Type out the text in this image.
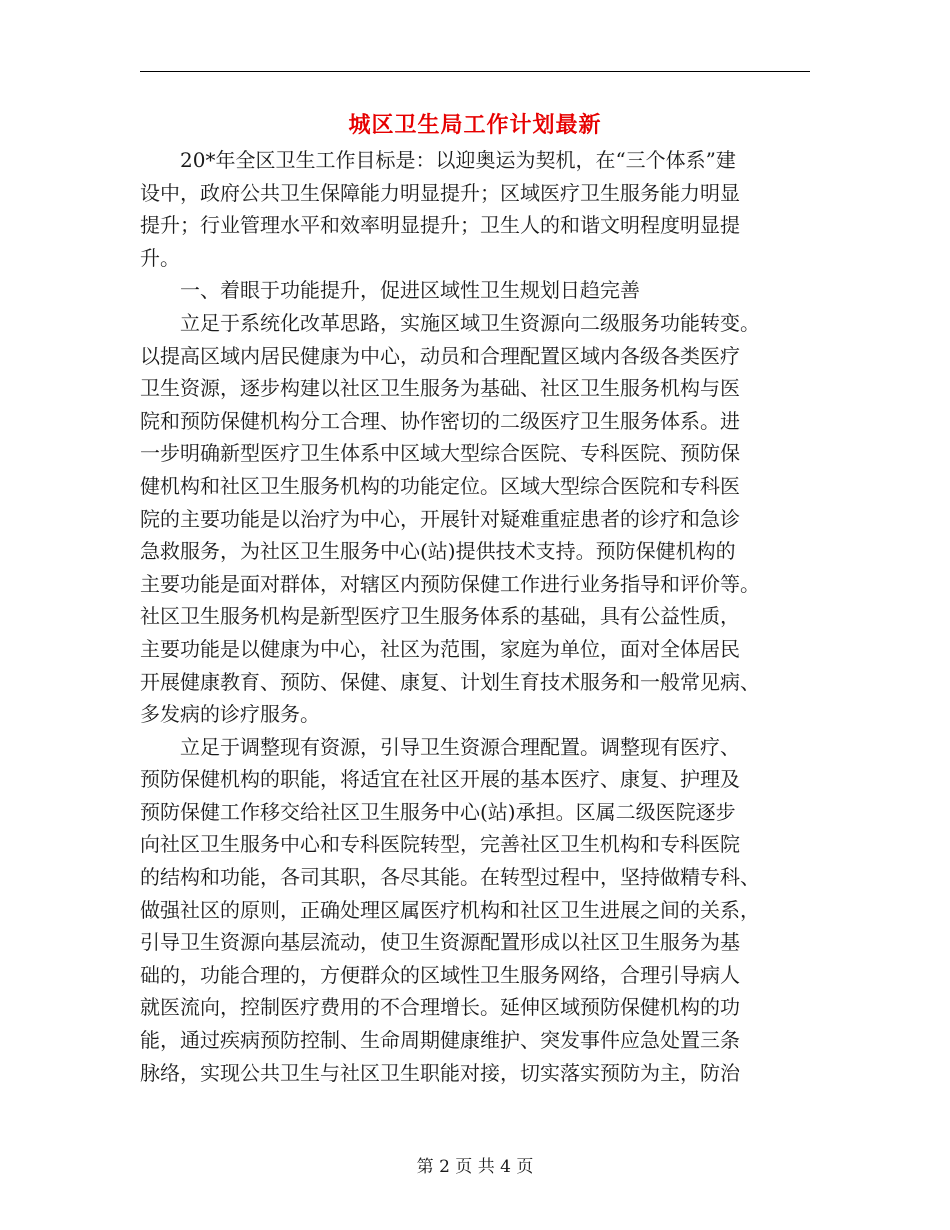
城区卫生局工作计划最新
　　20*年全区卫生工作目标是：以迎奥运为契机，在“三个体系”建
设中，政府公共卫生保障能力明显提升；区域医疗卫生服务能力明显
提升；行业管理水平和效率明显提升；卫生人的和谐文明程度明显提
升。
　　一、着眼于功能提升，促进区域性卫生规划日趋完善
　　立足于系统化改革思路，实施区域卫生资源向二级服务功能转变。
以提高区域内居民健康为中心，动员和合理配置区域内各级各类医疗
卫生资源，逐步构建以社区卫生服务为基础、社区卫生服务机构与医
院和预防保健机构分工合理、协作密切的二级医疗卫生服务体系。进
一步明确新型医疗卫生体系中区域大型综合医院、专科医院、预防保
健机构和社区卫生服务机构的功能定位。区域大型综合医院和专科医
院的主要功能是以治疗为中心，开展针对疑难重症患者的诊疗和急诊
急救服务，为社区卫生服务中心(站)提供技术支持。预防保健机构的
主要功能是面对群体，对辖区内预防保健工作进行业务指导和评价等。
社区卫生服务机构是新型医疗卫生服务体系的基础，具有公益性质，
主要功能是以健康为中心，社区为范围，家庭为单位，面对全体居民
开展健康教育、预防、保健、康复、计划生育技术服务和一般常见病、
多发病的诊疗服务。
　　立足于调整现有资源，引导卫生资源合理配置。调整现有医疗、
预防保健机构的职能，将适宜在社区开展的基本医疗、康复、护理及
预防保健工作移交给社区卫生服务中心(站)承担。区属二级医院逐步
向社区卫生服务中心和专科医院转型，完善社区卫生机构和专科医院
的结构和功能，各司其职，各尽其能。在转型过程中，坚持做精专科、
做强社区的原则，正确处理区属医疗机构和社区卫生进展之间的关系，
引导卫生资源向基层流动，使卫生资源配置形成以社区卫生服务为基
础的，功能合理的，方便群众的区域性卫生服务网络，合理引导病人
就医流向，控制医疗费用的不合理增长。延伸区域预防保健机构的功
能，通过疾病预防控制、生命周期健康维护、突发事件应急处置三条
脉络，实现公共卫生与社区卫生职能对接，切实落实预防为主，防治
第 2 页 共 4 页
